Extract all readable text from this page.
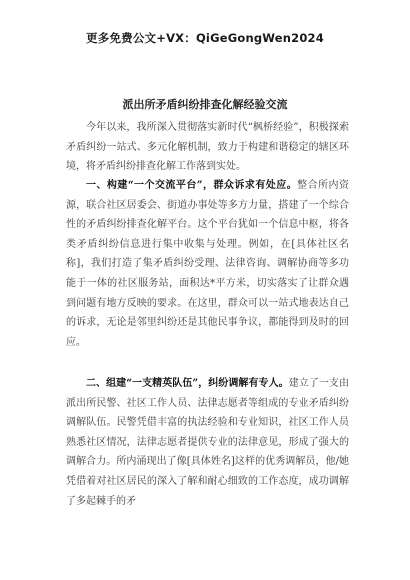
更多免费公文+VX：QiGeGongWen2024
派出所矛盾纠纷排查化解经验交流

今年以来，我所深入贯彻落实新时代“枫桥经验”，积极探索矛盾纠纷一站式、多元化解机制，致力于构建和谐稳定的辖区环境，将矛盾纠纷排查化解工作落到实处。

一、构建“一个交流平台”，群众诉求有处应。整合所内资源，联合社区居委会、街道办事处等多方力量，搭建了一个综合性的矛盾纠纷排查化解平台。这个平台犹如一个信息中枢，将各类矛盾纠纷信息进行集中收集与处理。例如，在[具体社区名称]，我们打造了集矛盾纠纷受理、法律咨询、调解协商等多功能于一体的社区服务站，面积达*平方米，切实落实了让群众遇到问题有地方反映的要求。在这里，群众可以一站式地表达自己的诉求，无论是邻里纠纷还是其他民事争议，都能得到及时的回应。

二、组建“一支精英队伍”，纠纷调解有专人。建立了一支由派出所民警、社区工作人员、法律志愿者等组成的专业矛盾纠纷调解队伍。民警凭借丰富的执法经验和专业知识，社区工作人员熟悉社区情况，法律志愿者提供专业的法律意见，形成了强大的调解合力。所内涌现出了像[具体姓名]这样的优秀调解员，他/她凭借着对社区居民的深入了解和耐心细致的工作态度，成功调解了多起棘手的矛
